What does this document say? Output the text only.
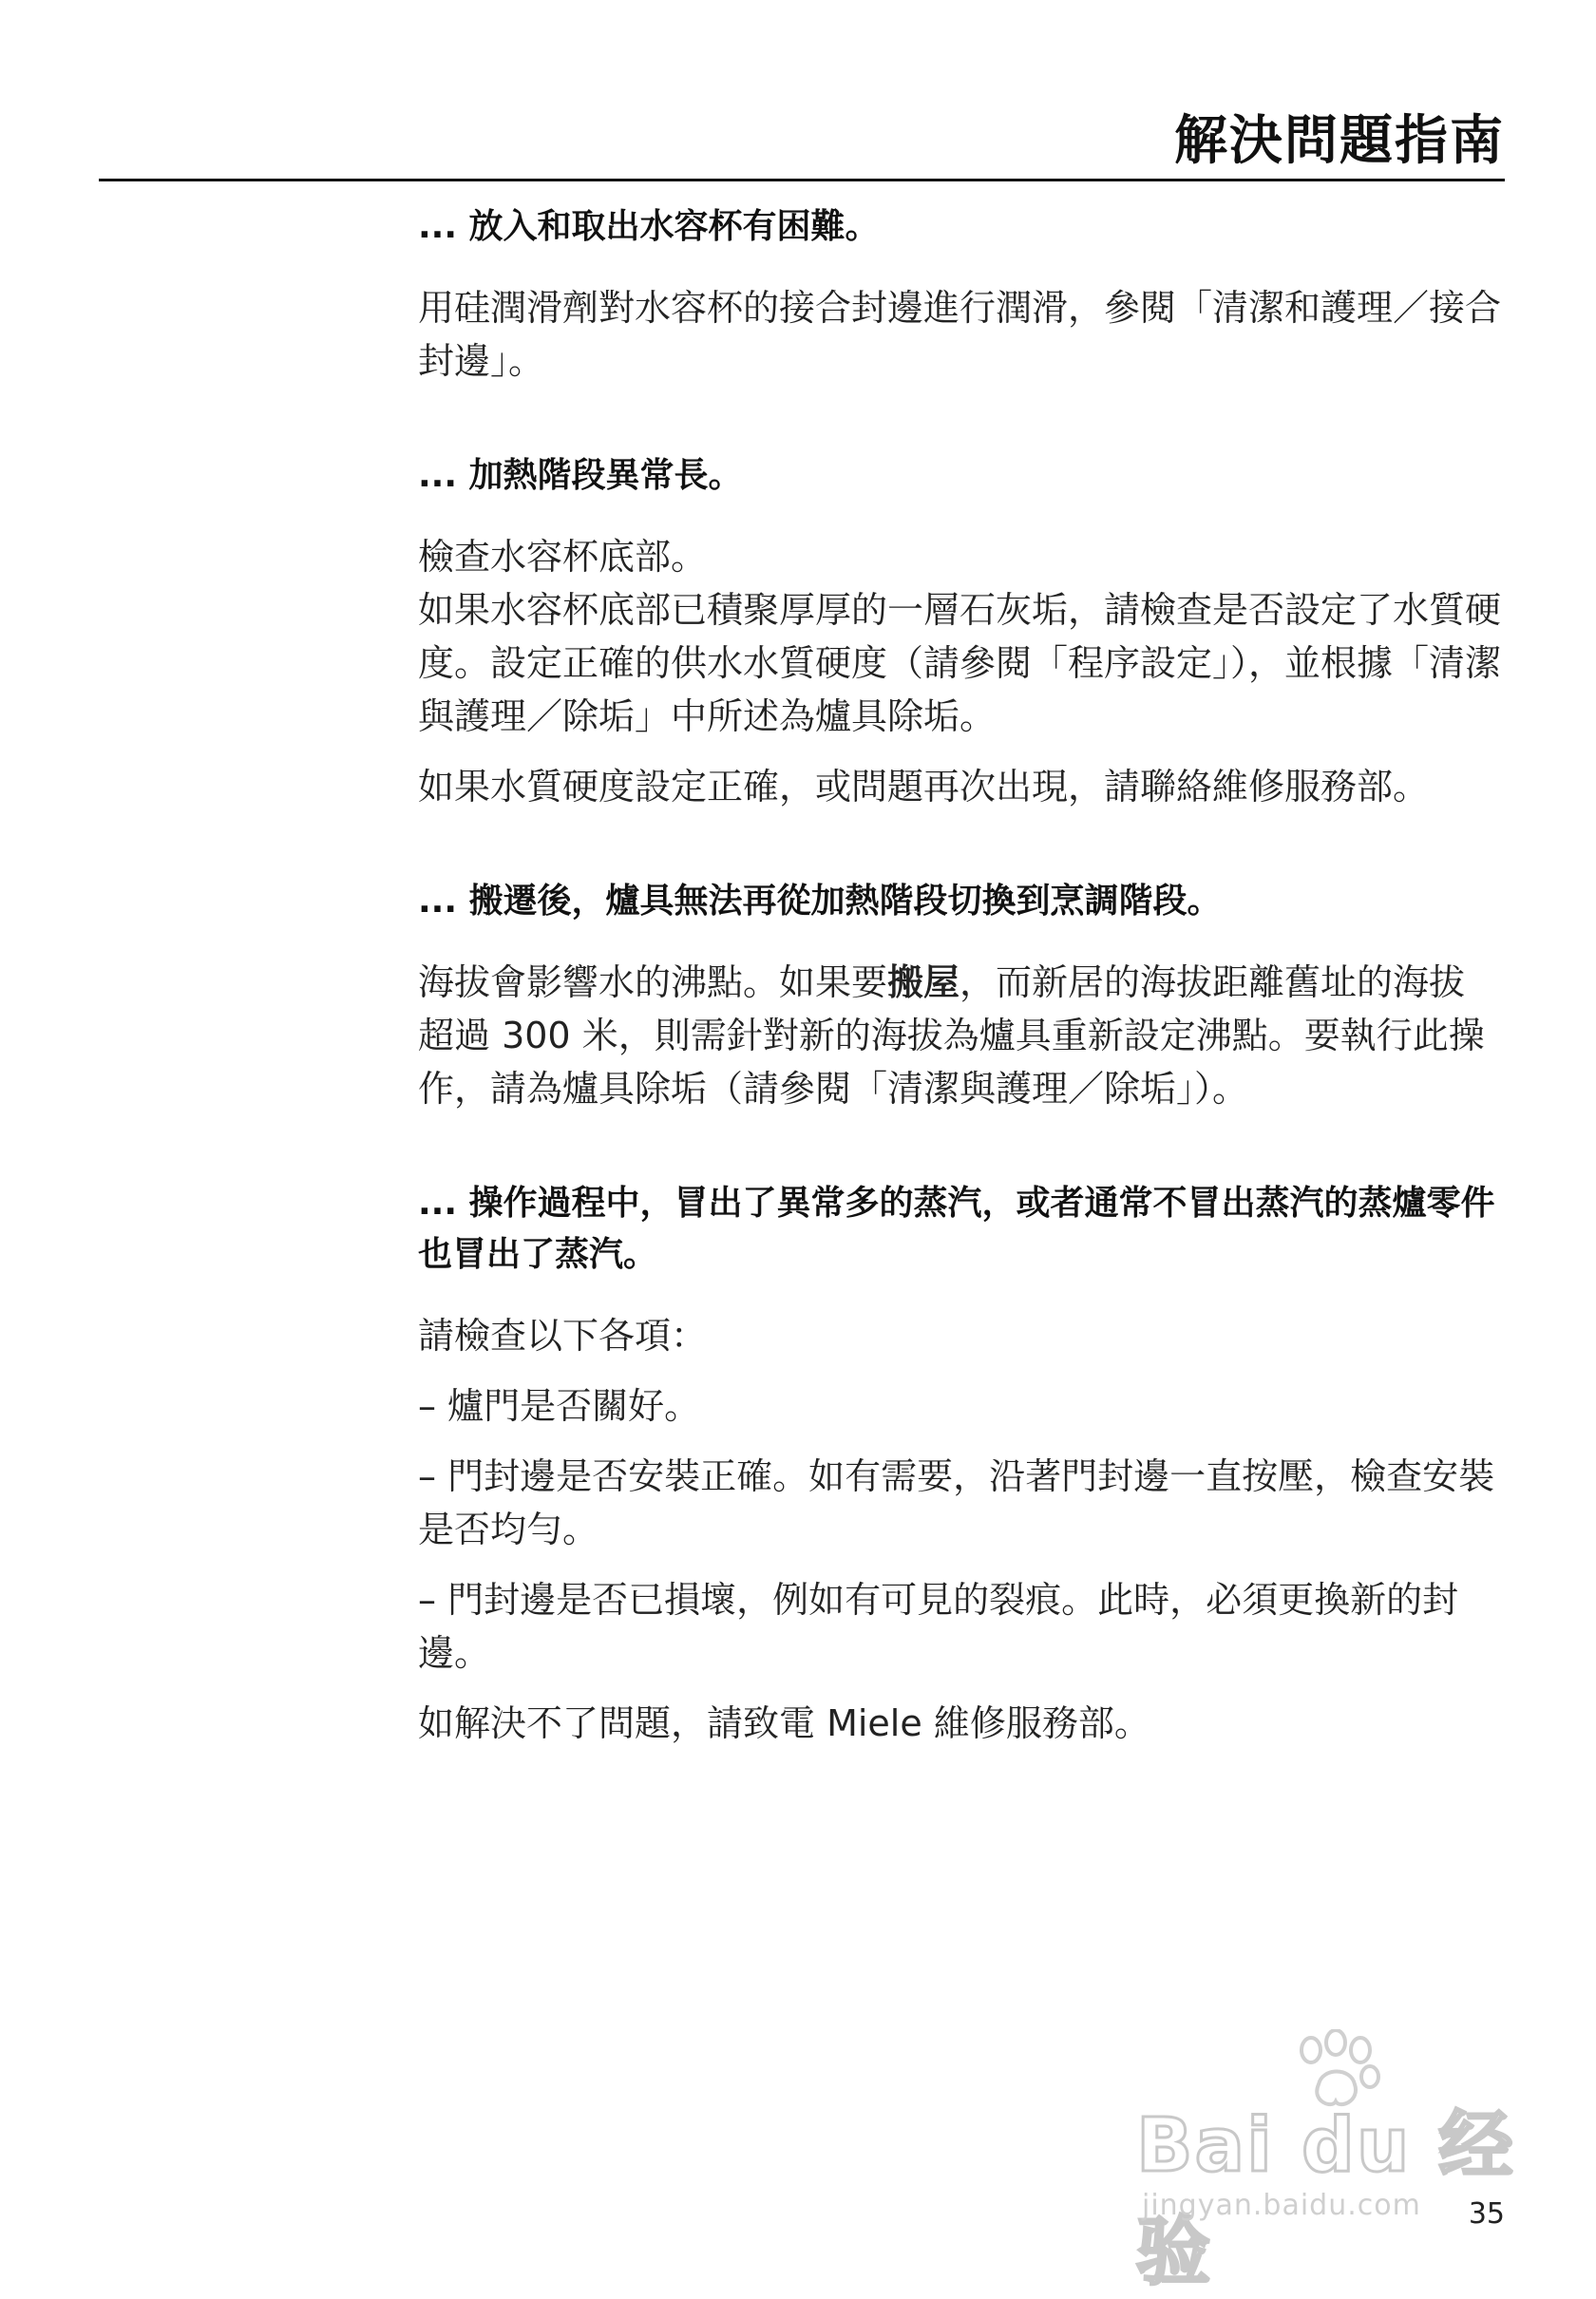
解決問題指南
... 放入和取出水容杯有困難。
用硅潤滑劑對水容杯的接合封邊進行潤滑，參閱「清潔和護理／接合封邊」。
... 加熱階段異常長。
檢查水容杯底部。
如果水容杯底部已積聚厚厚的一層石灰垢，請檢查是否設定了水質硬度。設定正確的供水水質硬度（請參閱「程序設定」），並根據「清潔與護理／除垢」中所述為爐具除垢。
如果水質硬度設定正確，或問題再次出現，請聯絡維修服務部。
... 搬遷後，爐具無法再從加熱階段切換到烹調階段。
海拔會影響水的沸點。如果要搬屋，而新居的海拔距離舊址的海拔超過 300 米，則需針對新的海拔為爐具重新設定沸點。要執行此操作，請為爐具除垢（請參閱「清潔與護理／除垢」）。
... 操作過程中，冒出了異常多的蒸汽，或者通常不冒出蒸汽的蒸爐零件也冒出了蒸汽。
請檢查以下各項：
– 爐門是否關好。
– 門封邊是否安裝正確。如有需要，沿著門封邊一直按壓，檢查安裝是否均勻。
– 門封邊是否已損壞，例如有可見的裂痕。此時，必須更換新的封邊。
如解決不了問題，請致電 Miele 維修服務部。
Bai du 经验
jingyan.baidu.com 35
